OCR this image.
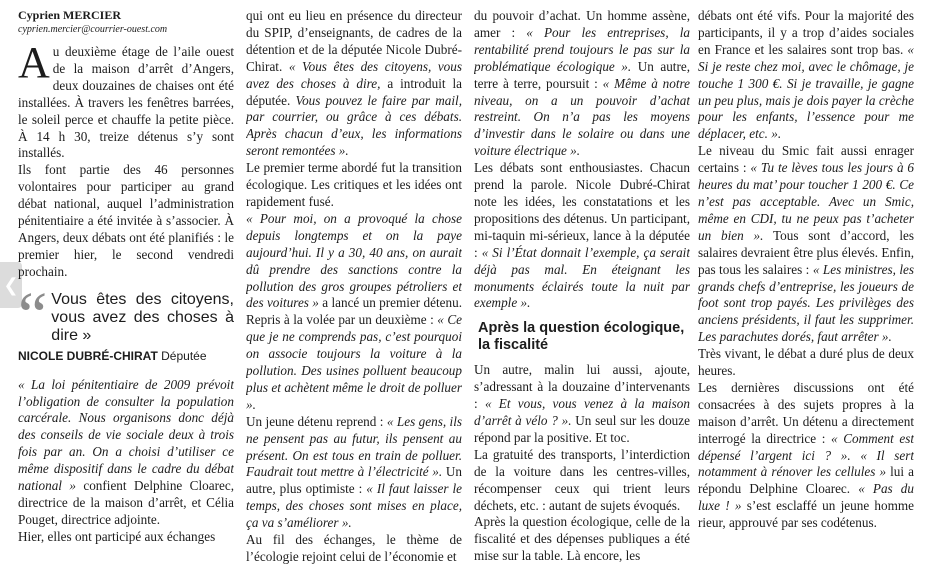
❮

Cyprien MERCIER

cyprien.mercier@courrier-ouest.com

Au deuxième étage de l’aile ouest de la maison d’arrêt d’Angers, deux douzaines de chaises ont été installées. À travers les fenêtres barrées, le soleil perce et chauffe la petite pièce. À 14 h 30, treize détenus s’y sont installés.

Ils font partie des 46 personnes volontaires pour participer au grand débat national, auquel l’administration pénitentiaire a été invitée à s’associer. À Angers, deux débats ont été planifiés : le premier hier, le second vendredi prochain.

“ Vous êtes des citoyens, vous avez des choses à dire »
NICOLE DUBRÉ-CHIRAT Députée

« La loi pénitentiaire de 2009 prévoit l’obligation de consulter la population carcérale. Nous organisons donc déjà des conseils de vie sociale deux à trois fois par an. On a choisi d’utiliser ce même dispositif dans le cadre du débat national » confient Delphine Cloarec, directrice de la maison d’arrêt, et Célia Pouget, directrice adjointe.

Hier, elles ont participé aux échanges

qui ont eu lieu en présence du directeur du SPIP, d’enseignants, de cadres de la détention et de la députée Nicole Dubré-Chirat. « Vous êtes des citoyens, vous avez des choses à dire, a introduit la députée. Vous pouvez le faire par mail, par courrier, ou grâce à ces débats. Après chacun d’eux, les informations seront remontées ».

Le premier terme abordé fut la transition écologique. Les critiques et les idées ont rapidement fusé.

« Pour moi, on a provoqué la chose depuis longtemps et on la paye aujourd’hui. Il y a 30, 40 ans, on aurait dû prendre des sanctions contre la pollution des gros groupes pétroliers et des voitures » a lancé un premier détenu. Repris à la volée par un deuxième : « Ce que je ne comprends pas, c’est pourquoi on associe toujours la voiture à la pollution. Des usines polluent beaucoup plus et achètent même le droit de polluer ».

Un jeune détenu reprend : « Les gens, ils ne pensent pas au futur, ils pensent au présent. On est tous en train de polluer. Faudrait tout mettre à l’électricité ». Un autre, plus optimiste : « Il faut laisser le temps, des choses sont mises en place, ça va s’améliorer ».

Au fil des échanges, le thème de l’écologie rejoint celui de l’économie et

du pouvoir d’achat. Un homme assène, amer : « Pour les entreprises, la rentabilité prend toujours le pas sur la problématique écologique ». Un autre, terre à terre, poursuit : « Même à notre niveau, on a un pouvoir d’achat restreint. On n’a pas les moyens d’investir dans le solaire ou dans une voiture électrique ».

Les débats sont enthousiastes. Chacun prend la parole. Nicole Dubré-Chirat note les idées, les constatations et les propositions des détenus. Un participant, mi-taquin mi-sérieux, lance à la députée : « Si l’État donnait l’exemple, ça serait déjà pas mal. En éteignant les monuments éclairés toute la nuit par exemple ».

Après la question écologique, la fiscalité

Un autre, malin lui aussi, ajoute, s’adressant à la douzaine d’intervenants : « Et vous, vous venez à la maison d’arrêt à vélo ? ». Un seul sur les douze répond par la positive. Et toc.

La gratuité des transports, l’interdiction de la voiture dans les centres-villes, récompenser ceux qui trient leurs déchets, etc. : autant de sujets évoqués.

Après la question écologique, celle de la fiscalité et des dépenses publiques a été mise sur la table. Là encore, les

débats ont été vifs. Pour la majorité des participants, il y a trop d’aides sociales en France et les salaires sont trop bas. « Si je reste chez moi, avec le chômage, je touche 1 300 €. Si je travaille, je gagne un peu plus, mais je dois payer la crèche pour les enfants, l’essence pour me déplacer, etc. ».

Le niveau du Smic fait aussi enrager certains : « Tu te lèves tous les jours à 6 heures du mat’ pour toucher 1 200 €. Ce n’est pas acceptable. Avec un Smic, même en CDI, tu ne peux pas t’acheter un bien ». Tous sont d’accord, les salaires devraient être plus élevés. Enfin, pas tous les salaires : « Les ministres, les grands chefs d’entreprise, les joueurs de foot sont trop payés. Les privilèges des anciens présidents, il faut les supprimer. Les parachutes dorés, faut arrêter ».

Très vivant, le débat a duré plus de deux heures.

Les dernières discussions ont été consacrées à des sujets propres à la maison d’arrêt. Un détenu a directement interrogé la directrice : « Comment est dépensé l’argent ici ? ». « Il sert notamment à rénover les cellules » lui a répondu Delphine Cloarec. « Pas du luxe ! » s’est esclaffé un jeune homme rieur, approuvé par ses codétenus.
